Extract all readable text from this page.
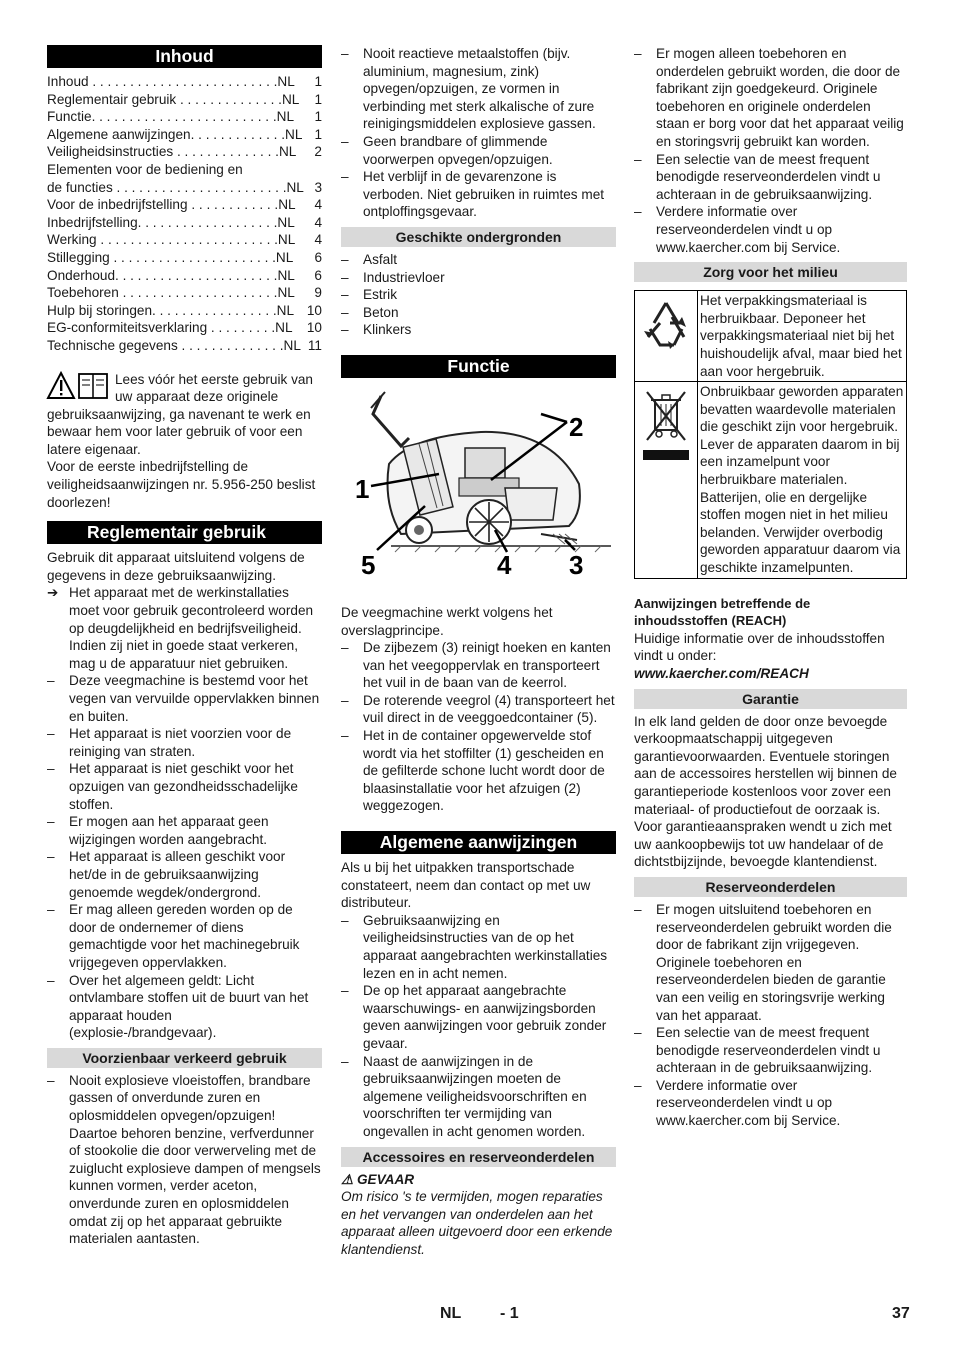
Inhoud
Inhoud . . . . . . . . . . . . . . . . . . . . . . . . . NL	1
Reglementair gebruik . . . . . . . . . . . . . . NL	1
Functie. . . . . . . . . . . . . . . . . . . . . . . . . NL	1
Algemene aanwijzingen. . . . . . . . . . . . . NL 1
Veiligheidsinstructies . . . . . . . . . . . . . . NL	2
Elementen voor de bediening en
de functies . . . . . . . . . . . . . . . . . . . . . . . NL 3
Voor de inbedrijfstelling . . . . . . . . . . . . NL	4
Inbedrijfstelling. . . . . . . . . . . . . . . . . . . NL	4
Werking . . . . . . . . . . . . . . . . . . . . . . . . NL	4
Stillegging . . . . . . . . . . . . . . . . . . . . . . NL	6
Onderhoud. . . . . . . . . . . . . . . . . . . . . . NL	6
Toebehoren . . . . . . . . . . . . . . . . . . . . . NL	9
Hulp bij storingen. . . . . . . . . . . . . . . . . NL 10
EG-conformiteitsverklaring . . . . . . . . . NL	10
Technische gegevens . . . . . . . . . . . . . . NL 11

Lees vóór het eerste gebruik van uw apparaat deze originele gebruiksaanwijzing, ga navenant te werk en bewaar hem voor later gebruik of voor een latere eigenaar.

Voor de eerste inbedrijfstelling de veiligheidsaanwijzingen nr. 5.956-250 beslist doorlezen!

Reglementair gebruik

Gebruik dit apparaat uitsluitend volgens de gegevens in deze gebruiksaanwijzing.

➔ Het apparaat met de werkinstallaties moet voor gebruik gecontroleerd worden op deugdelijkheid en bedrijfsveiligheid. Indien zij niet in goede staat verkeren, mag u de apparatuur niet gebruiken.
– Deze veegmachine is bestemd voor het vegen van vervuilde oppervlakken binnen en buiten.
– Het apparaat is niet voorzien voor de reiniging van straten.
– Het apparaat is niet geschikt voor het opzuigen van gezondheidsschadelijke stoffen.
– Er mogen aan het apparaat geen wijzigingen worden aangebracht.
– Het apparaat is alleen geschikt voor het/de in de gebruiksaanwijzing genoemde wegdek/ondergrond.
– Er mag alleen gereden worden op de door de ondernemer of diens gemachtigde voor het machinegebruik vrijgegeven oppervlakken.
– Over het algemeen geldt: Licht ontvlambare stoffen uit de buurt van het apparaat houden (explosie-/brandgevaar).
Voorzienbaar verkeerd gebruik
– Nooit explosieve vloeistoffen, brandbare gassen of onverdunde zuren en oplosmiddelen opvegen/opzuigen! Daartoe behoren benzine, verfverdunner of stookolie die door verwerveling met de zuiglucht explosieve dampen of mengsels kunnen vormen, verder aceton, onverdunde zuren en oplosmiddelen omdat zij op het apparaat gebruikte materialen aantasten.
– Nooit reactieve metaalstoffen (bijv. aluminium, magnesium, zink) opvegen/opzuigen, ze vormen in verbinding met sterk alkalische of zure reinigingsmiddelen explosieve gassen.
– Geen brandbare of glimmende voorwerpen opvegen/opzuigen.
– Het verblijf in de gevarenzone is verboden. Niet gebruiken in ruimtes met ontploffingsgevaar.
Geschikte ondergronden
– Asfalt
– Industrievloer
– Estrik
– Beton
– Klinkers
Functie
1
2
3
4
5

De veegmachine werkt volgens het overslagprincipe.

– De zijbezem (3) reinigt hoeken en kanten van het veegoppervlak en transporteert het vuil in de baan van de keerrol.
– De roterende veegrol (4) transporteert het vuil direct in de veeggoedcontainer (5).
– Het in de container opgewervelde stof wordt via het stoffilter (1) gescheiden en de gefilterde schone lucht wordt door de blaasinstallatie voor het afzuigen (2) weggezogen.
Algemene aanwijzingen

Als u bij het uitpakken transportschade constateert, neem dan contact op met uw distributeur.

– Gebruiksaanwijzing en veiligheidsinstructies van de op het apparaat aangebrachten werkinstallaties lezen en in acht nemen.
– De op het apparaat aangebrachte waarschuwings- en aanwijzingsborden geven aanwijzingen voor gebruik zonder gevaar.
– Naast de aanwijzingen in de gebruiksaanwijzingen moeten de algemene veiligheidsvoorschriften en voorschriften ter vermijding van ongevallen in acht genomen worden.
Accessoires en reserveonderdelen

⚠ GEVAAR

Om risico 's te vermijden, mogen reparaties en het vervangen van onderdelen aan het apparaat alleen uitgevoerd door een erkende klantendienst.

– Er mogen alleen toebehoren en onderdelen gebruikt worden, die door de fabrikant zijn goedgekeurd. Originele toebehoren en originele onderdelen staan er borg voor dat het apparaat veilig en storingsvrij gebruikt kan worden.
– Een selectie van de meest frequent benodigde reserveonderdelen vindt u achteraan in de gebruiksaanwijzing.
– Verdere informatie over reserveonderdelen vindt u op www.kaercher.com bij Service.
Zorg voor het milieu
Het verpakkingsmateriaal is herbruikbaar. Deponeer het verpakkingsmateriaal niet bij het huishoudelijk afval, maar bied het aan voor hergebruik.
Onbruikbaar geworden apparaten bevatten waardevolle materialen die geschikt zijn voor hergebruik. Lever de apparaten daarom in bij een inzamelpunt voor herbruikbare materialen. Batterijen, olie en dergelijke stoffen mogen niet in het milieu belanden. Verwijder overbodig geworden apparatuur daarom via geschikte inzamelpunten.

Aanwijzingen betreffende de inhoudsstoffen (REACH)

Huidige informatie over de inhoudsstoffen vindt u onder:

www.kaercher.com/REACH

Garantie

In elk land gelden de door onze bevoegde verkoopmaatschappij uitgegeven garantievoorwaarden. Eventuele storingen aan de accessoires herstellen wij binnen de garantieperiode kostenloos voor zover een materiaal- of productiefout de oorzaak is. Voor garantieaanspraken wendt u zich met uw aankoopbewijs tot uw handelaar of de dichtstbijzijnde, bevoegde klantendienst.

Reserveonderdelen
– Er mogen uitsluitend toebehoren en reserveonderdelen gebruikt worden die door de fabrikant zijn vrijgegeven. Originele toebehoren en reserveonderdelen bieden de garantie van een veilig en storingsvrije werking van het apparaat.
– Een selectie van de meest frequent benodigde reserveonderdelen vindt u achteraan in de gebruiksaanwijzing.
– Verdere informatie over reserveonderdelen vindt u op www.kaercher.com bij Service.
NL - 1	37
